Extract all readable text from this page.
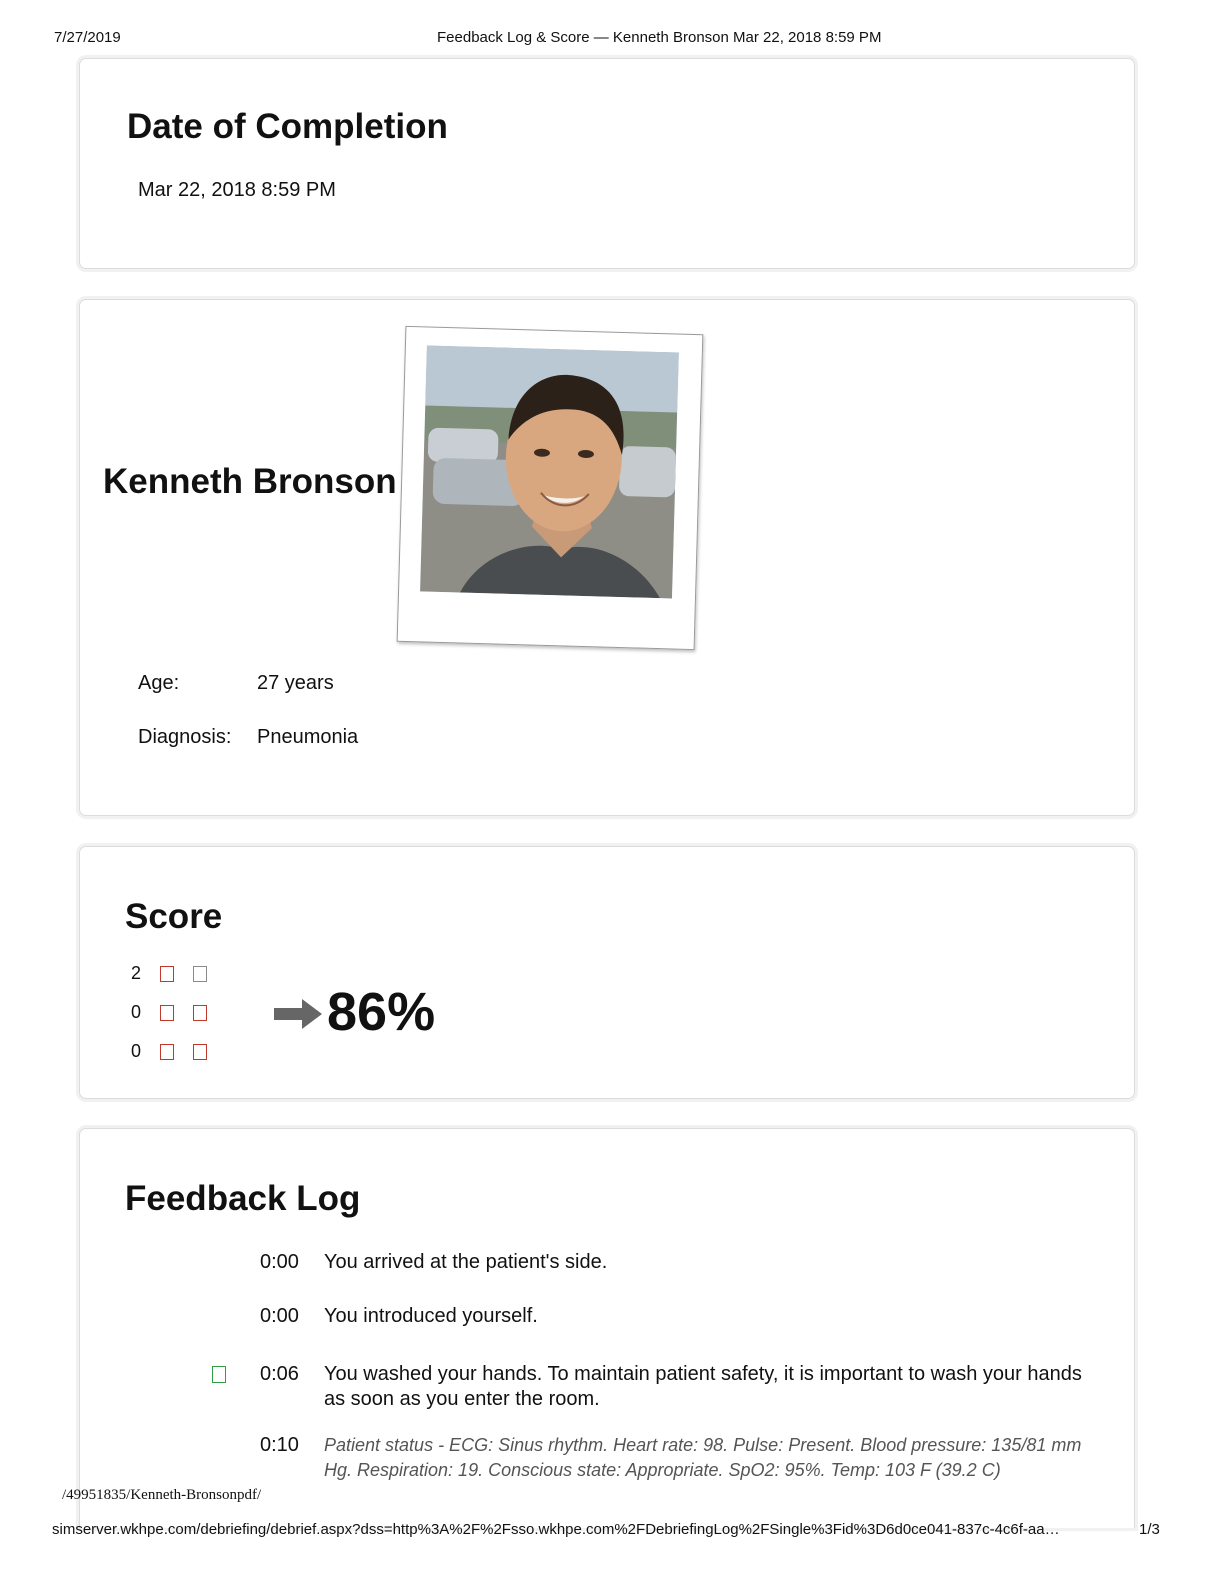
7/27/2019	Feedback Log & Score — Kenneth Bronson Mar 22, 2018 8:59 PM
Date of Completion
Mar 22, 2018 8:59 PM
Kenneth Bronson
Age:	27 years
Diagnosis: Pneumonia
Score
2
0
0
86%
Feedback Log
0:00 You arrived at the patient's side.
0:00 You introduced yourself.
0:06 You washed your hands. To maintain patient safety, it is important to wash your hands as soon as you enter the room.
0:10 Patient status - ECG: Sinus rhythm. Heart rate: 98. Pulse: Present. Blood pressure: 135/81 mm Hg. Respiration: 19. Conscious state: Appropriate. SpO2: 95%. Temp: 103 F (39.2 C)
/49951835/Kenneth-Bronsonpdf/
simserver.wkhpe.com/debriefing/debrief.aspx?dss=http%3A%2F%2Fsso.wkhpe.com%2FDebriefingLog%2FSingle%3Fid%3D6d0ce041-837c-4c6f-aa…	1/3
